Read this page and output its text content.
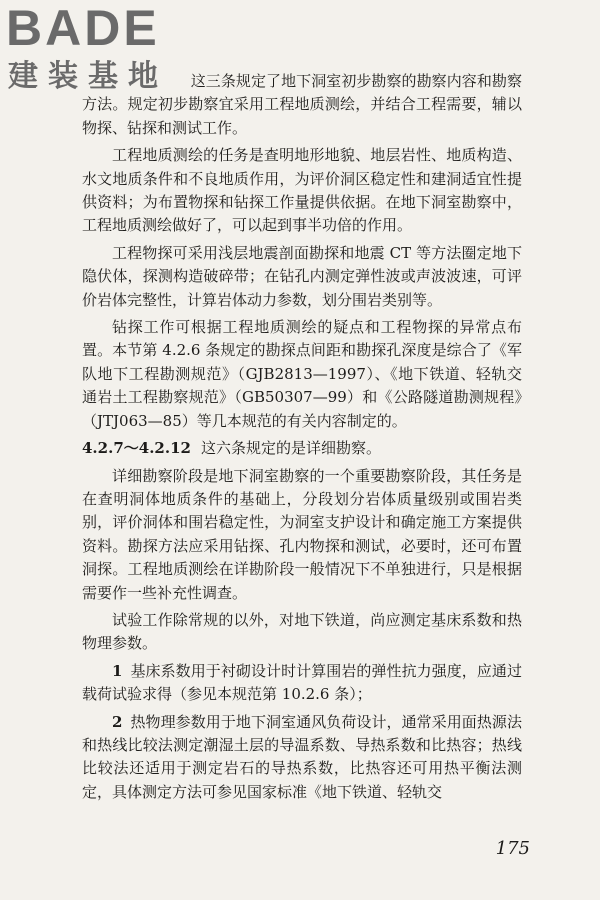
BADE
建装基地	这三条规定了地下洞室初步勘察的勘察内容和勘察方法。规定初步勘察宜采用工程地质测绘，并结合工程需要，辅以物探、钻探和测试工作。

工程地质测绘的任务是查明地形地貌、地层岩性、地质构造、水文地质条件和不良地质作用，为评价洞区稳定性和建洞适宜性提供资料；为布置物探和钻探工作量提供依据。在地下洞室勘察中，工程地质测绘做好了，可以起到事半功倍的作用。

工程物探可采用浅层地震剖面勘探和地震 CT 等方法圈定地下隐伏体，探测构造破碎带；在钻孔内测定弹性波或声波波速，可评价岩体完整性，计算岩体动力参数，划分围岩类别等。

钻探工作可根据工程地质测绘的疑点和工程物探的异常点布置。本节第 4.2.6 条规定的勘探点间距和勘探孔深度是综合了《军队地下工程勘测规范》（GJB2813—1997）、《地下铁道、轻轨交通岩土工程勘察规范》（GB50307—99）和《公路隧道勘测规程》（JTJ063—85）等几本规范的有关内容制定的。

4.2.7～4.2.12 这六条规定的是详细勘察。

详细勘察阶段是地下洞室勘察的一个重要勘察阶段，其任务是在查明洞体地质条件的基础上，分段划分岩体质量级别或围岩类别，评价洞体和围岩稳定性，为洞室支护设计和确定施工方案提供资料。勘探方法应采用钻探、孔内物探和测试，必要时，还可布置洞探。工程地质测绘在详勘阶段一般情况下不单独进行，只是根据需要作一些补充性调查。

试验工作除常规的以外，对地下铁道，尚应测定基床系数和热物理参数。

1 基床系数用于衬砌设计时计算围岩的弹性抗力强度，应通过载荷试验求得（参见本规范第 10.2.6 条）；

2 热物理参数用于地下洞室通风负荷设计，通常采用面热源法和热线比较法测定潮湿土层的导温系数、导热系数和比热容；热线比较法还适用于测定岩石的导热系数，比热容还可用热平衡法测定，具体测定方法可参见国家标准《地下铁道、轻轨交

175
